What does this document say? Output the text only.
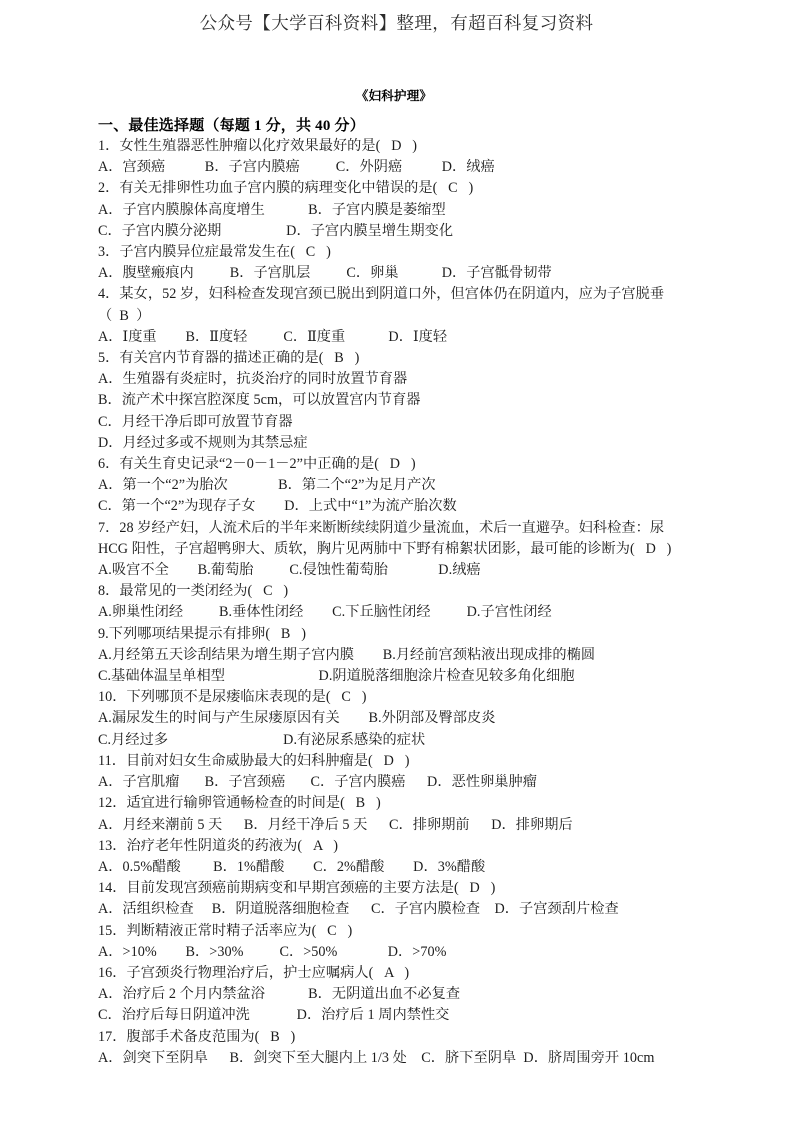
公众号【大学百科资料】整理，有超百科复习资料
《妇科护理》
一、最佳选择题（每题 1 分，共 40 分）
1．女性生殖器恶性肿瘤以化疗效果最好的是(   D   )
A．宫颈癌           B．子宫内膜癌          C．外阴癌           D．绒癌
2．有关无排卵性功血子宫内膜的病理变化中错误的是(   C   )
A．子宫内膜腺体高度增生            B．子宫内膜是萎缩型
C．子宫内膜分泌期                  D．子宫内膜呈增生期变化
3．子宫内膜异位症最常发生在(   C   )
A．腹壁瘢痕内          B．子宫肌层          C．卵巢            D．子宫骶骨韧带
4．某女，52 岁，妇科检查发现宫颈已脱出到阴道口外，但宫体仍在阴道内，应为子宫脱垂
（  B  ）
A．Ⅰ度重        B．Ⅱ度轻          C．Ⅱ度重            D．Ⅰ度轻
5．有关宫内节育器的描述正确的是(   B   )
A．生殖器有炎症时，抗炎治疗的同时放置节育器
B．流产术中探宫腔深度 5cm，可以放置宫内节育器
C．月经干净后即可放置节育器
D．月经过多或不规则为其禁忌症
6．有关生育史记录“2－0－1－2”中正确的是(   D   )
A．第一个“2”为胎次              B．第二个“2”为足月产次
C．第一个“2”为现存子女        D．上式中“1”为流产胎次数
7．28 岁经产妇，人流术后的半年来断断续续阴道少量流血，术后一直避孕。妇科检查：尿
HCG 阳性，子宫超鸭卵大、质软，胸片见两肺中下野有棉絮状团影，最可能的诊断为(   D   )
A.吸宫不全        B.葡萄胎          C.侵蚀性葡萄胎              D.绒癌
8．最常见的一类闭经为(   C   )
A.卵巢性闭经          B.垂体性闭经        C.下丘脑性闭经          D.子宫性闭经
9.下列哪项结果提示有排卵(   B   )
A.月经第五天诊刮结果为增生期子宫内膜        B.月经前宫颈粘液出现成排的椭圆
C.基础体温呈单相型                          D.阴道脱落细胞涂片检查见较多角化细胞
10．下列哪顶不是尿瘘临床表现的是(   C   )
A.漏尿发生的时间与产生尿瘘原因有关        B.外阴部及臀部皮炎
C.月经过多                                D.有泌尿系感染的症状
11．目前对妇女生命威胁最大的妇科肿瘤是(   D   )
A．子宫肌瘤       B．子宫颈癌       C．子宫内膜癌      D．恶性卵巢肿瘤
12．适宜进行输卵管通畅检查的时间是(   B   )
A．月经来潮前 5 天      B．月经干净后 5 天      C．排卵期前      D．排卵期后
13．治疗老年性阴道炎的药液为(   A   )
A．0.5%醋酸         B．1%醋酸        C．2%醋酸        D．3%醋酸
14．目前发现宫颈癌前期病变和早期宫颈癌的主要方法是(   D   )
A．活组织检查     B．阴道脱落细胞检查      C．子宫内膜检查    D．子宫颈刮片检查
15．判断精液正常时精子活率应为(   C   )
A．>10%        B．>30%          C．>50%              D．>70%
16．子宫颈炎行物理治疗后，护士应嘱病人(   A   )
A．治疗后 2 个月内禁盆浴            B．无阴道出血不必复查
C．治疗后每日阴道冲洗             D．治疗后 1 周内禁性交
17．腹部手术备皮范围为(   B   )
A．剑突下至阴阜      B．剑突下至大腿内上 1/3 处    C．脐下至阴阜  D．脐周围旁开 10cm
